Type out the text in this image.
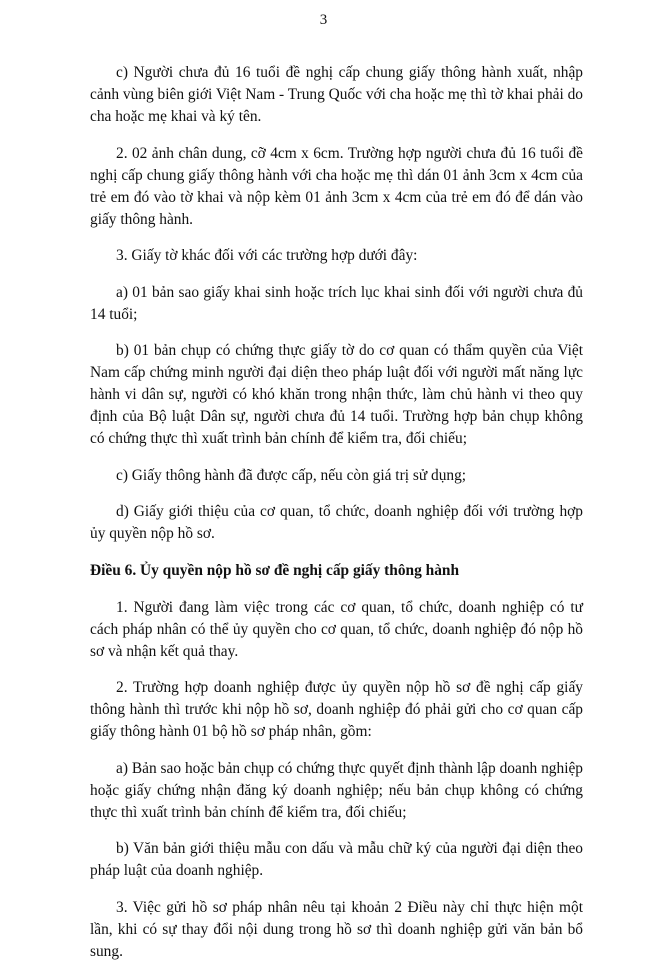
3

c) Người chưa đủ 16 tuổi đề nghị cấp chung giấy thông hành xuất, nhập cảnh vùng biên giới Việt Nam - Trung Quốc với cha hoặc mẹ thì tờ khai phải do cha hoặc mẹ khai và ký tên.

2. 02 ảnh chân dung, cỡ 4cm x 6cm. Trường hợp người chưa đủ 16 tuổi đề nghị cấp chung giấy thông hành với cha hoặc mẹ thì dán 01 ảnh 3cm x 4cm của trẻ em đó vào tờ khai và nộp kèm 01 ảnh 3cm x 4cm của trẻ em đó để dán vào giấy thông hành.

3. Giấy tờ khác đối với các trường hợp dưới đây:

a) 01 bản sao giấy khai sinh hoặc trích lục khai sinh đối với người chưa đủ 14 tuổi;

b) 01 bản chụp có chứng thực giấy tờ do cơ quan có thẩm quyền của Việt Nam cấp chứng minh người đại diện theo pháp luật đối với người mất năng lực hành vi dân sự, người có khó khăn trong nhận thức, làm chủ hành vi theo quy định của Bộ luật Dân sự, người chưa đủ 14 tuổi. Trường hợp bản chụp không có chứng thực thì xuất trình bản chính để kiểm tra, đối chiếu;

c) Giấy thông hành đã được cấp, nếu còn giá trị sử dụng;

d) Giấy giới thiệu của cơ quan, tổ chức, doanh nghiệp đối với trường hợp ủy quyền nộp hồ sơ.

Điều 6. Ủy quyền nộp hồ sơ đề nghị cấp giấy thông hành

1. Người đang làm việc trong các cơ quan, tổ chức, doanh nghiệp có tư cách pháp nhân có thể ủy quyền cho cơ quan, tổ chức, doanh nghiệp đó nộp hồ sơ và nhận kết quả thay.

2. Trường hợp doanh nghiệp được ủy quyền nộp hồ sơ đề nghị cấp giấy thông hành thì trước khi nộp hồ sơ, doanh nghiệp đó phải gửi cho cơ quan cấp giấy thông hành 01 bộ hồ sơ pháp nhân, gồm:

a) Bản sao hoặc bản chụp có chứng thực quyết định thành lập doanh nghiệp hoặc giấy chứng nhận đăng ký doanh nghiệp; nếu bản chụp không có chứng thực thì xuất trình bản chính để kiểm tra, đối chiếu;

b) Văn bản giới thiệu mẫu con dấu và mẫu chữ ký của người đại diện theo pháp luật của doanh nghiệp.

3. Việc gửi hồ sơ pháp nhân nêu tại khoản 2 Điều này chỉ thực hiện một lần, khi có sự thay đổi nội dung trong hồ sơ thì doanh nghiệp gửi văn bản bổ sung.
